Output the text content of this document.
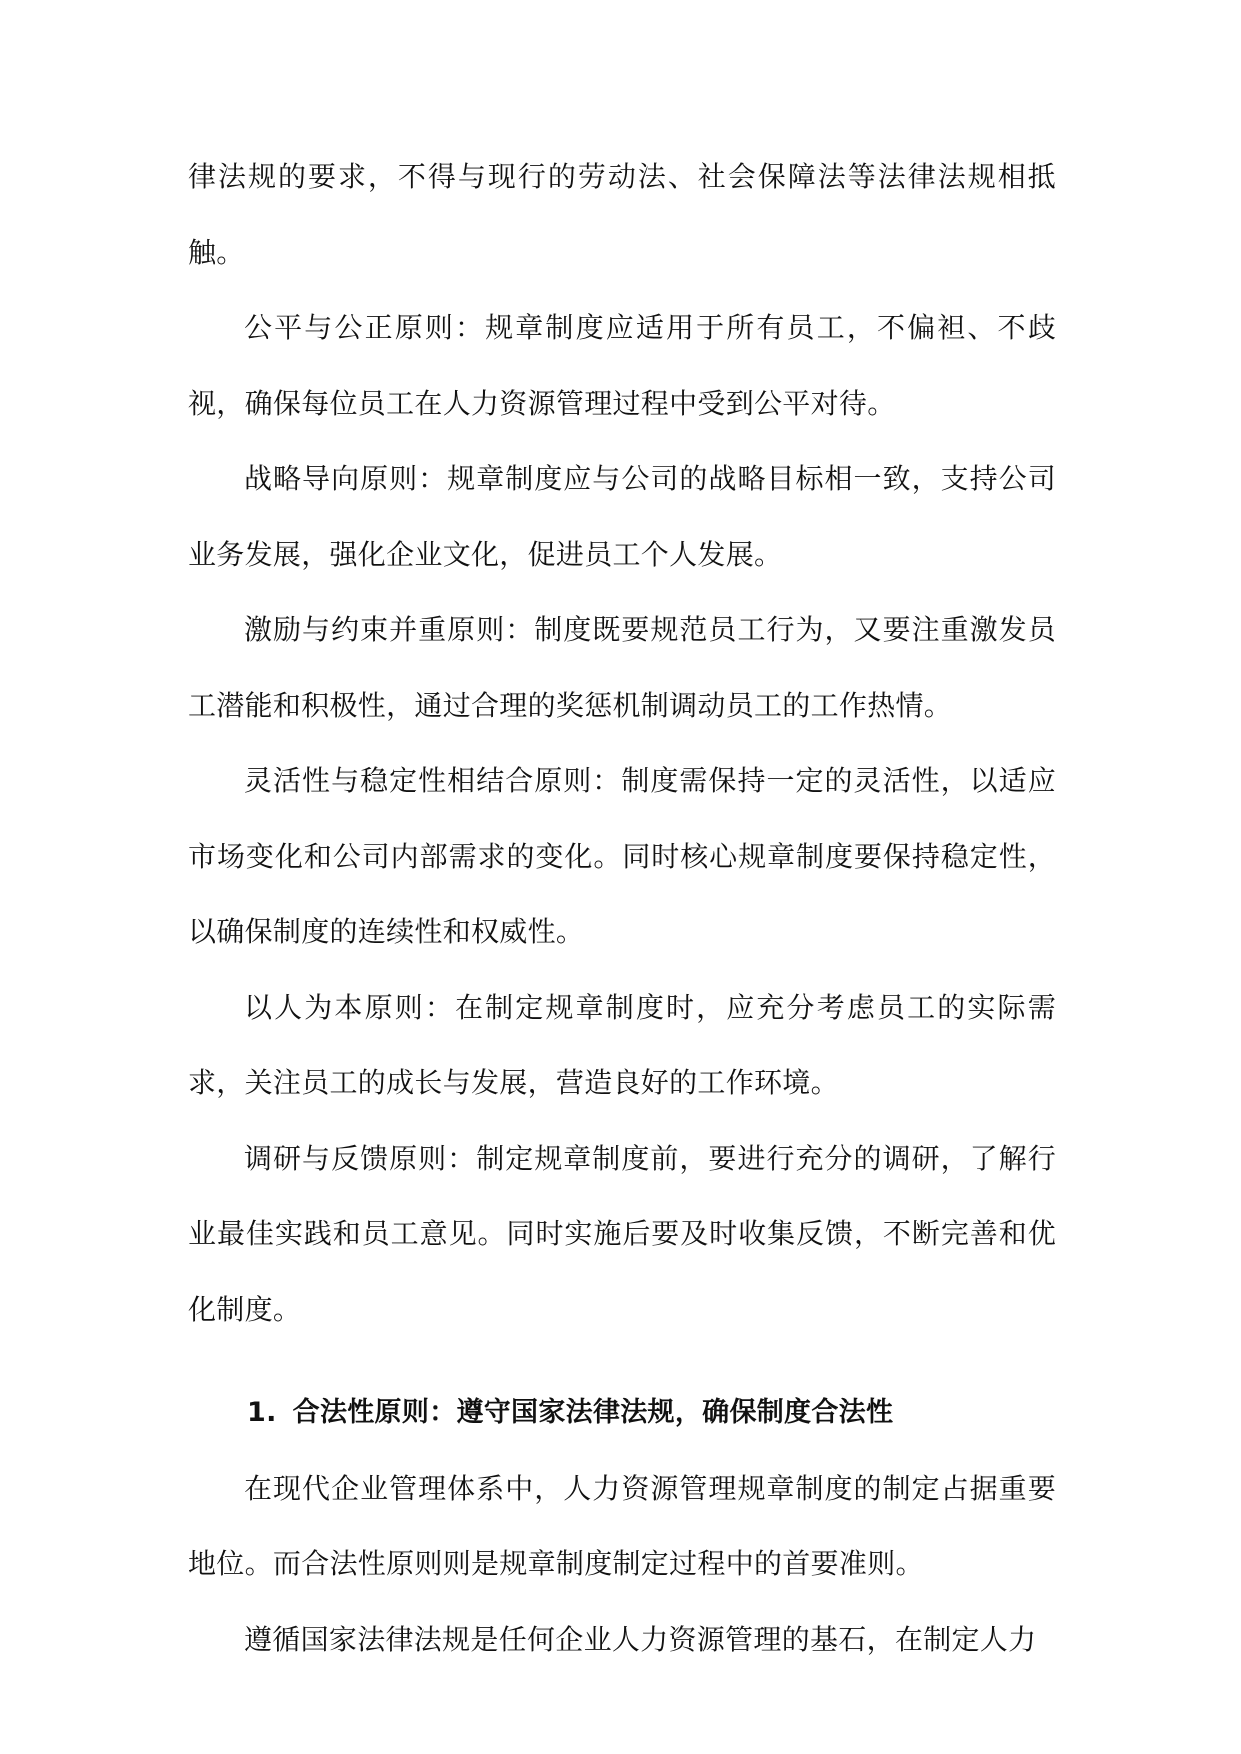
律法规的要求，不得与现行的劳动法、社会保障法等法律法规相抵触。

公平与公正原则：规章制度应适用于所有员工，不偏袒、不歧视，确保每位员工在人力资源管理过程中受到公平对待。

战略导向原则：规章制度应与公司的战略目标相一致，支持公司业务发展，强化企业文化，促进员工个人发展。

激励与约束并重原则：制度既要规范员工行为，又要注重激发员工潜能和积极性，通过合理的奖惩机制调动员工的工作热情。

灵活性与稳定性相结合原则：制度需保持一定的灵活性，以适应市场变化和公司内部需求的变化。同时核心规章制度要保持稳定性，以确保制度的连续性和权威性。

以人为本原则：在制定规章制度时，应充分考虑员工的实际需求，关注员工的成长与发展，营造良好的工作环境。

调研与反馈原则：制定规章制度前，要进行充分的调研，了解行业最佳实践和员工意见。同时实施后要及时收集反馈，不断完善和优化制度。

1. 合法性原则：遵守国家法律法规，确保制度合法性

在现代企业管理体系中，人力资源管理规章制度的制定占据重要地位。而合法性原则则是规章制度制定过程中的首要准则。

遵循国家法律法规是任何企业人力资源管理的基石，在制定人力
